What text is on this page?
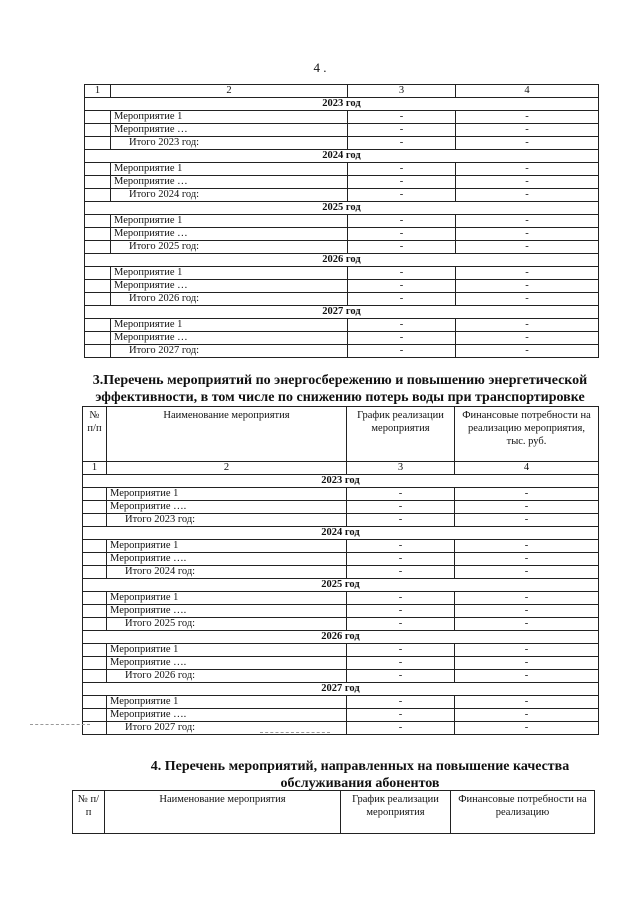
4 .
1	2	3	4
2023 год			
	Мероприятие 1	-	-
	Мероприятие …	-	-
	Итого 2023 год:	-	-
2024 год			
	Мероприятие 1	-	-
	Мероприятие …	-	-
	Итого 2024 год:	-	-
2025 год			
	Мероприятие 1	-	-
	Мероприятие …	-	-
	Итого 2025 год:	-	-
2026 год			
	Мероприятие 1	-	-
	Мероприятие …	-	-
	Итого 2026 год:	-	-
2027 год			
	Мероприятие 1	-	-
	Мероприятие …	-	-
	Итого 2027 год:	-	-
3.Перечень мероприятий по энергосбережению и повышению энергетической эффективности, в том числе по снижению потерь воды при транспортировке
№ п/п	Наименование мероприятия	График реализации мероприятия	Финансовые потребности на реализацию мероприятия, тыс. руб.
1	2	3	4
2023 год			
	Мероприятие 1	-	-
	Мероприятие ….	-	-
	Итого 2023 год:	-	-
2024 год			
	Мероприятие 1	-	-
	Мероприятие ….	-	-
	Итого 2024 год:	-	-
2025 год			
	Мероприятие 1	-	-
	Мероприятие ….	-	-
	Итого 2025 год:	-	-
2026 год			
	Мероприятие 1	-	-
	Мероприятие ….	-	-
	Итого 2026 год:	-	-
2027 год			
	Мероприятие 1	-	-
	Мероприятие ….	-	-
	Итого 2027 год:	-	-
4. Перечень мероприятий, направленных на повышение качества обслуживания абонентов
№ п/п	Наименование мероприятия	График реализации мероприятия	Финансовые потребности на реализацию
